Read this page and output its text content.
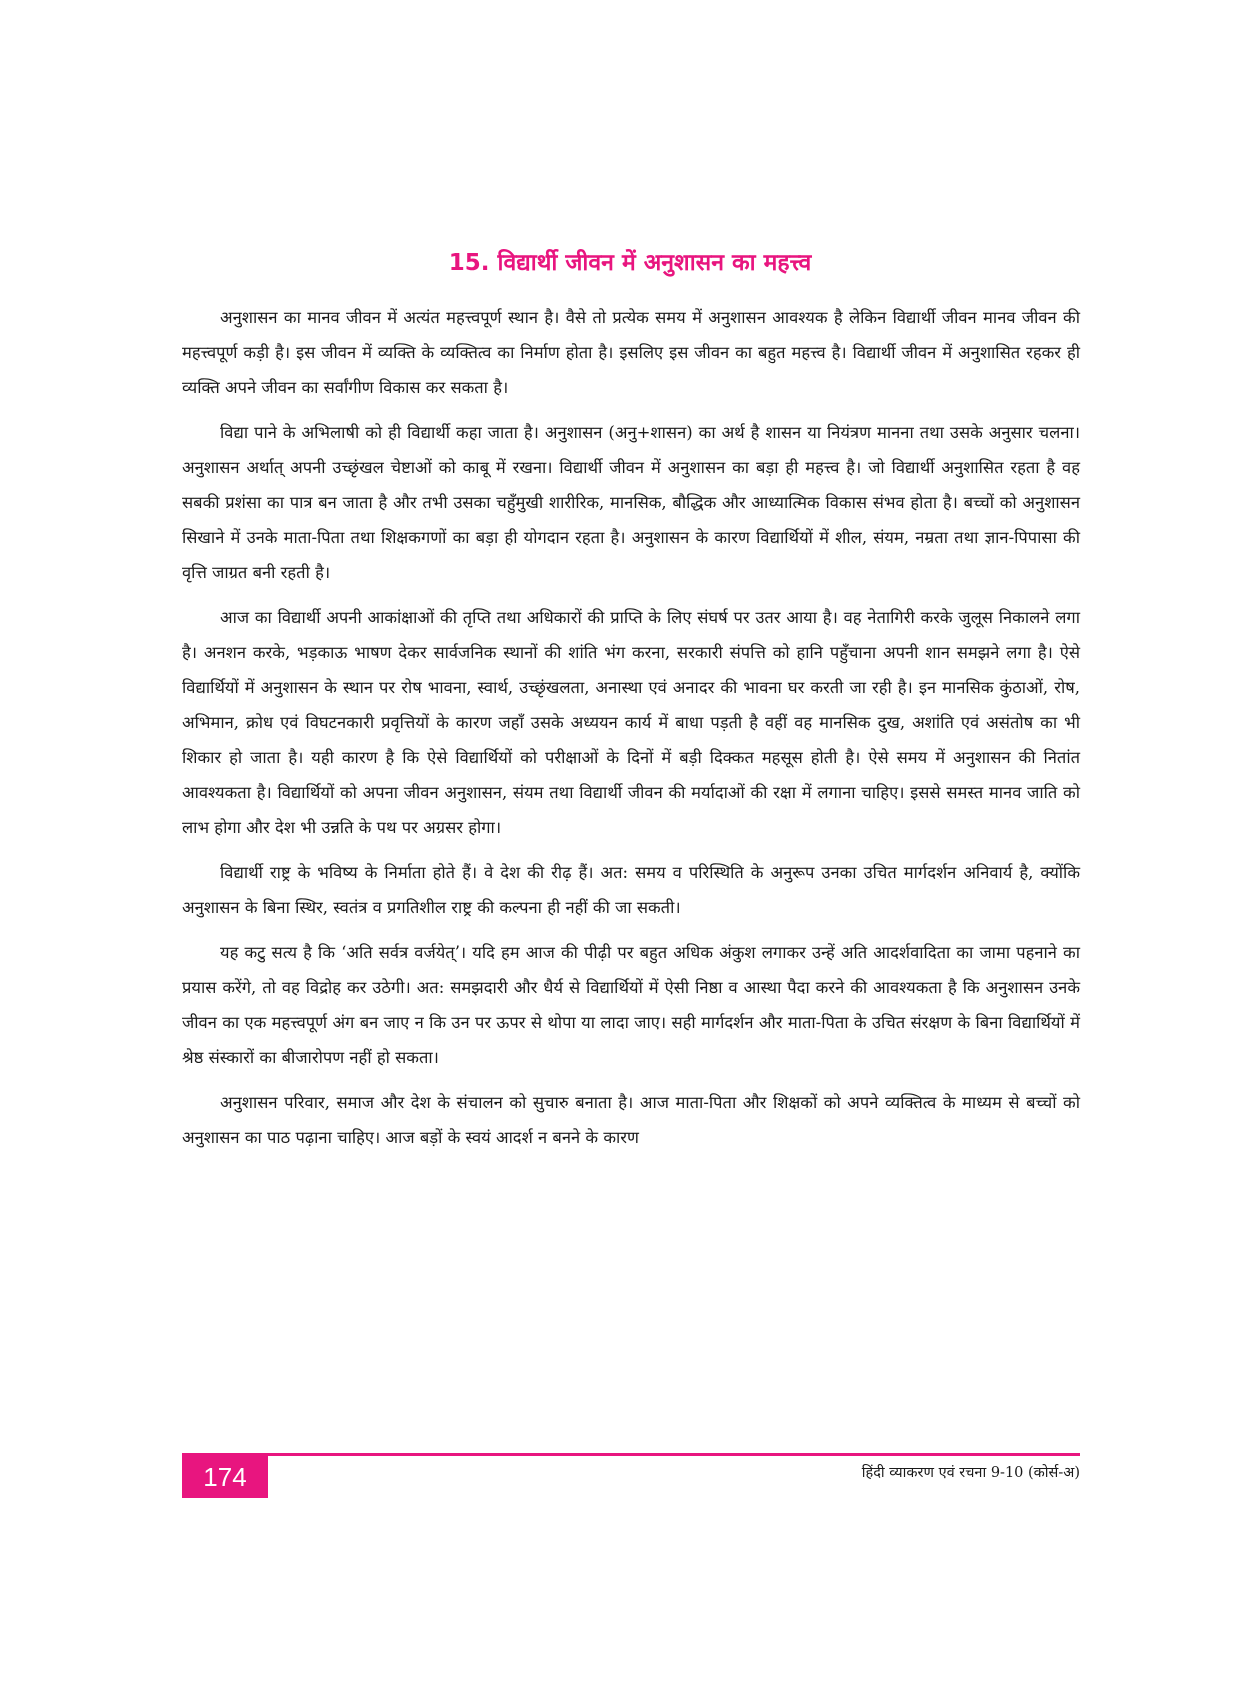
15. विद्यार्थी जीवन में अनुशासन का महत्त्व

अनुशासन का मानव जीवन में अत्यंत महत्त्वपूर्ण स्थान है। वैसे तो प्रत्येक समय में अनुशासन आवश्यक है लेकिन विद्यार्थी जीवन मानव जीवन की महत्त्वपूर्ण कड़ी है। इस जीवन में व्यक्ति के व्यक्तित्व का निर्माण होता है। इसलिए इस जीवन का बहुत महत्त्व है। विद्यार्थी जीवन में अनुशासित रहकर ही व्यक्ति अपने जीवन का सर्वांगीण विकास कर सकता है।

विद्या पाने के अभिलाषी को ही विद्यार्थी कहा जाता है। अनुशासन (अनु+शासन) का अर्थ है शासन या नियंत्रण मानना तथा उसके अनुसार चलना। अनुशासन अर्थात् अपनी उच्छृंखल चेष्टाओं को काबू में रखना। विद्यार्थी जीवन में अनुशासन का बड़ा ही महत्त्व है। जो विद्यार्थी अनुशासित रहता है वह सबकी प्रशंसा का पात्र बन जाता है और तभी उसका चहुँमुखी शारीरिक, मानसिक, बौद्धिक और आध्यात्मिक विकास संभव होता है। बच्चों को अनुशासन सिखाने में उनके माता-पिता तथा शिक्षकगणों का बड़ा ही योगदान रहता है। अनुशासन के कारण विद्यार्थियों में शील, संयम, नम्रता तथा ज्ञान-पिपासा की वृत्ति जाग्रत बनी रहती है।

आज का विद्यार्थी अपनी आकांक्षाओं की तृप्ति तथा अधिकारों की प्राप्ति के लिए संघर्ष पर उतर आया है। वह नेतागिरी करके जुलूस निकालने लगा है। अनशन करके, भड़काऊ भाषण देकर सार्वजनिक स्थानों की शांति भंग करना, सरकारी संपत्ति को हानि पहुँचाना अपनी शान समझने लगा है। ऐसे विद्यार्थियों में अनुशासन के स्थान पर रोष भावना, स्वार्थ, उच्छृंखलता, अनास्था एवं अनादर की भावना घर करती जा रही है। इन मानसिक कुंठाओं, रोष, अभिमान, क्रोध एवं विघटनकारी प्रवृत्तियों के कारण जहाँ उसके अध्ययन कार्य में बाधा पड़ती है वहीं वह मानसिक दुख, अशांति एवं असंतोष का भी शिकार हो जाता है। यही कारण है कि ऐसे विद्यार्थियों को परीक्षाओं के दिनों में बड़ी दिक्कत महसूस होती है। ऐसे समय में अनुशासन की नितांत आवश्यकता है। विद्यार्थियों को अपना जीवन अनुशासन, संयम तथा विद्यार्थी जीवन की मर्यादाओं की रक्षा में लगाना चाहिए। इससे समस्त मानव जाति को लाभ होगा और देश भी उन्नति के पथ पर अग्रसर होगा।

विद्यार्थी राष्ट्र के भविष्य के निर्माता होते हैं। वे देश की रीढ़ हैं। अत: समय व परिस्थिति के अनुरूप उनका उचित मार्गदर्शन अनिवार्य है, क्योंकि अनुशासन के बिना स्थिर, स्वतंत्र व प्रगतिशील राष्ट्र की कल्पना ही नहीं की जा सकती।

यह कटु सत्य है कि ‘अति सर्वत्र वर्जयेत्’। यदि हम आज की पीढ़ी पर बहुत अधिक अंकुश लगाकर उन्हें अति आदर्शवादिता का जामा पहनाने का प्रयास करेंगे, तो वह विद्रोह कर उठेगी। अत: समझदारी और धैर्य से विद्यार्थियों में ऐसी निष्ठा व आस्था पैदा करने की आवश्यकता है कि अनुशासन उनके जीवन का एक महत्त्वपूर्ण अंग बन जाए न कि उन पर ऊपर से थोपा या लादा जाए। सही मार्गदर्शन और माता-पिता के उचित संरक्षण के बिना विद्यार्थियों में श्रेष्ठ संस्कारों का बीजारोपण नहीं हो सकता।

अनुशासन परिवार, समाज और देश के संचालन को सुचारु बनाता है। आज माता-पिता और शिक्षकों को अपने व्यक्तित्व के माध्यम से बच्चों को अनुशासन का पाठ पढ़ाना चाहिए। आज बड़ों के स्वयं आदर्श न बनने के कारण

174	हिंदी व्याकरण एवं रचना 9-10 (कोर्स-अ)
